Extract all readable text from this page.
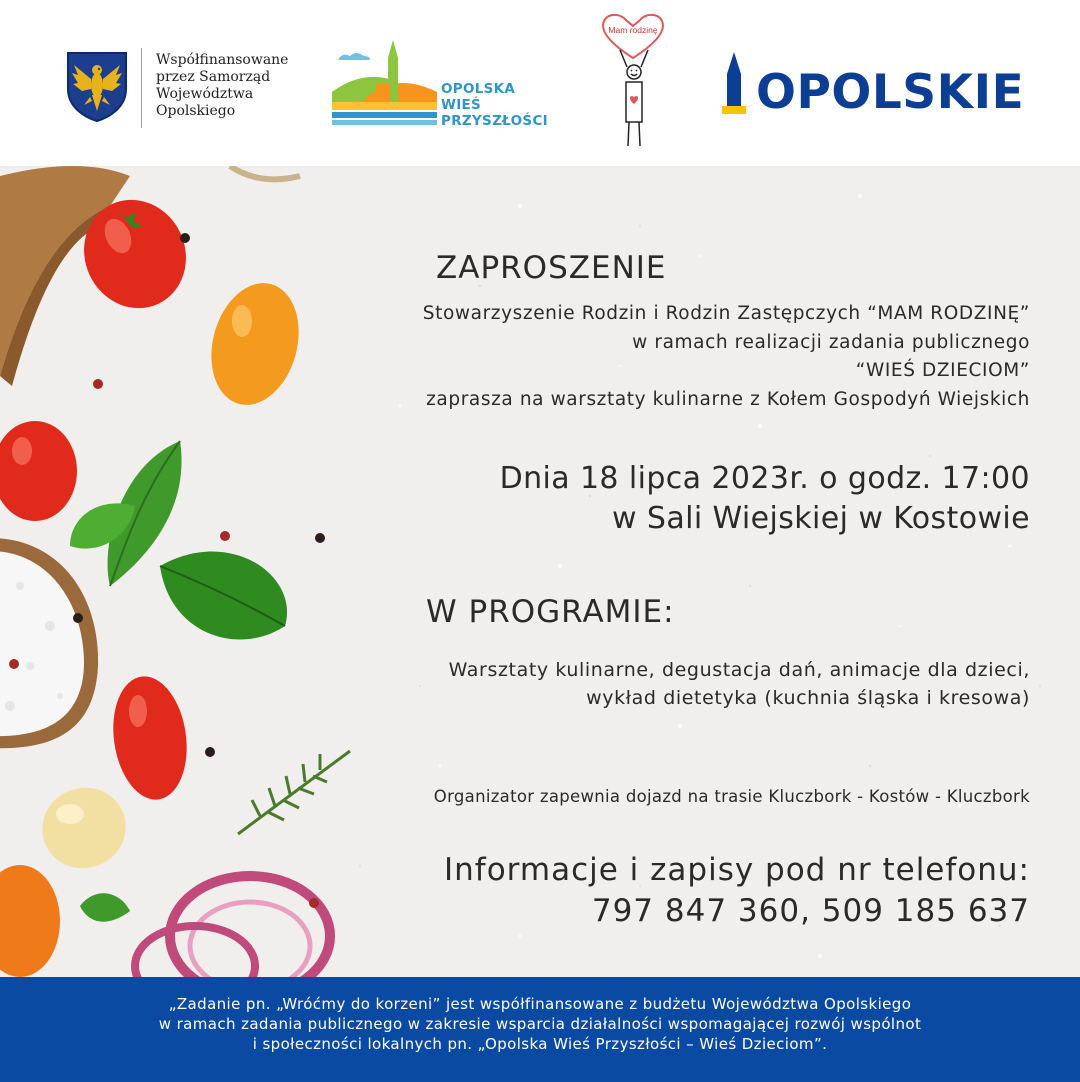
Współfinansowane
przez Samorząd
Województwa
Opolskiego
OPOLSKA
WIEŚ
PRZYSZŁOŚCI
Mam rodzinę
OPOLSKIE
ZAPROSZENIE
Stowarzyszenie Rodzin i Rodzin Zastępczych “MAM RODZINĘ”
w ramach realizacji zadania publicznego
“WIEŚ DZIECIOM”
zaprasza na warsztaty kulinarne z Kołem Gospodyń Wiejskich
Dnia 18 lipca 2023r. o godz. 17:00
w Sali Wiejskiej w Kostowie
W PROGRAMIE:
Warsztaty kulinarne, degustacja dań, animacje dla dzieci,
wykład dietetyka (kuchnia śląska i kresowa)
Organizator zapewnia dojazd na trasie Kluczbork - Kostów - Kluczbork
Informacje i zapisy pod nr telefonu:
797 847 360, 509 185 637
„Zadanie pn. „Wróćmy do korzeni” jest współfinansowane z budżetu Województwa Opolskiego
w ramach zadania publicznego w zakresie wsparcia działalności wspomagającej rozwój wspólnot
i społeczności lokalnych pn. „Opolska Wieś Przyszłości – Wieś Dzieciom”.
